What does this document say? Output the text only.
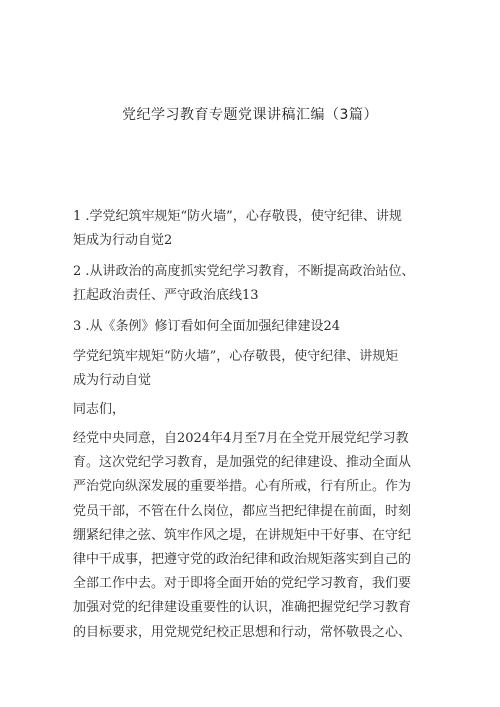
党纪学习教育专题党课讲稿汇编（3篇）
1 .学党纪筑牢规矩“防火墙”，心存敬畏，使守纪律、讲规
矩成为行动自觉2
2 .从讲政治的高度抓实党纪学习教育，不断提高政治站位、
扛起政治责任、严守政治底线13
3 .从《条例》修订看如何全面加强纪律建设24
学党纪筑牢规矩“防火墙”，心存敬畏，使守纪律、讲规矩
成为行动自觉
同志们，
经党中央同意，自2024年4月至7月在全党开展党纪学习教
育。这次党纪学习教育，是加强党的纪律建设、推动全面从
严治党向纵深发展的重要举措。心有所戒，行有所止。作为
党员干部，不管在什么岗位，都应当把纪律提在前面，时刻
绷紧纪律之弦、筑牢作风之堤，在讲规矩中干好事、在守纪
律中干成事，把遵守党的政治纪律和政治规矩落实到自己的
全部工作中去。对于即将全面开始的党纪学习教育，我们要
加强对党的纪律建设重要性的认识，准确把握党纪学习教育
的目标要求，用党规党纪校正思想和行动，常怀敬畏之心、
